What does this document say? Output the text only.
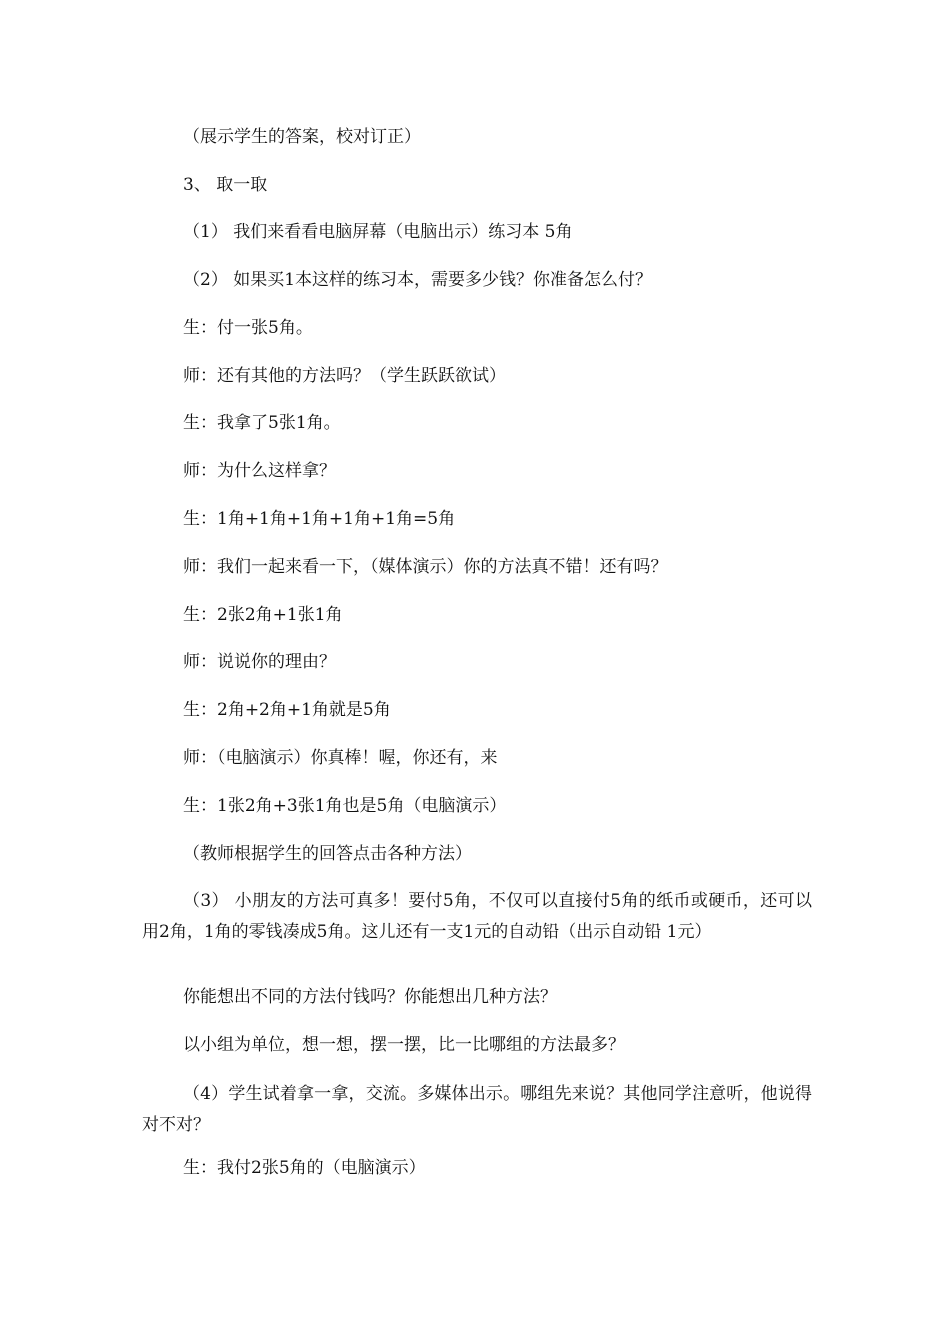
（展示学生的答案，校对订正）
3、 取一取
（1） 我们来看看电脑屏幕（电脑出示）练习本 5角
（2） 如果买1本这样的练习本，需要多少钱？你准备怎么付？
生：付一张5角。
师：还有其他的方法吗？（学生跃跃欲试）
生：我拿了5张1角。
师：为什么这样拿？
生：1角+1角+1角+1角+1角=5角
师：我们一起来看一下，（媒体演示）你的方法真不错！还有吗？
生：2张2角+1张1角
师：说说你的理由？
生：2角+2角+1角就是5角
师：（电脑演示）你真棒！喔，你还有，来
生：1张2角+3张1角也是5角（电脑演示）
（教师根据学生的回答点击各种方法）
（3） 小朋友的方法可真多！要付5角，不仅可以直接付5角的纸币或硬币，还可以用2角，1角的零钱凑成5角。这儿还有一支1元的自动铅（出示自动铅 1元）
你能想出不同的方法付钱吗？你能想出几种方法？
以小组为单位，想一想，摆一摆，比一比哪组的方法最多？
（4）学生试着拿一拿，交流。多媒体出示。哪组先来说？其他同学注意听，他说得对不对？
生：我付2张5角的（电脑演示）
